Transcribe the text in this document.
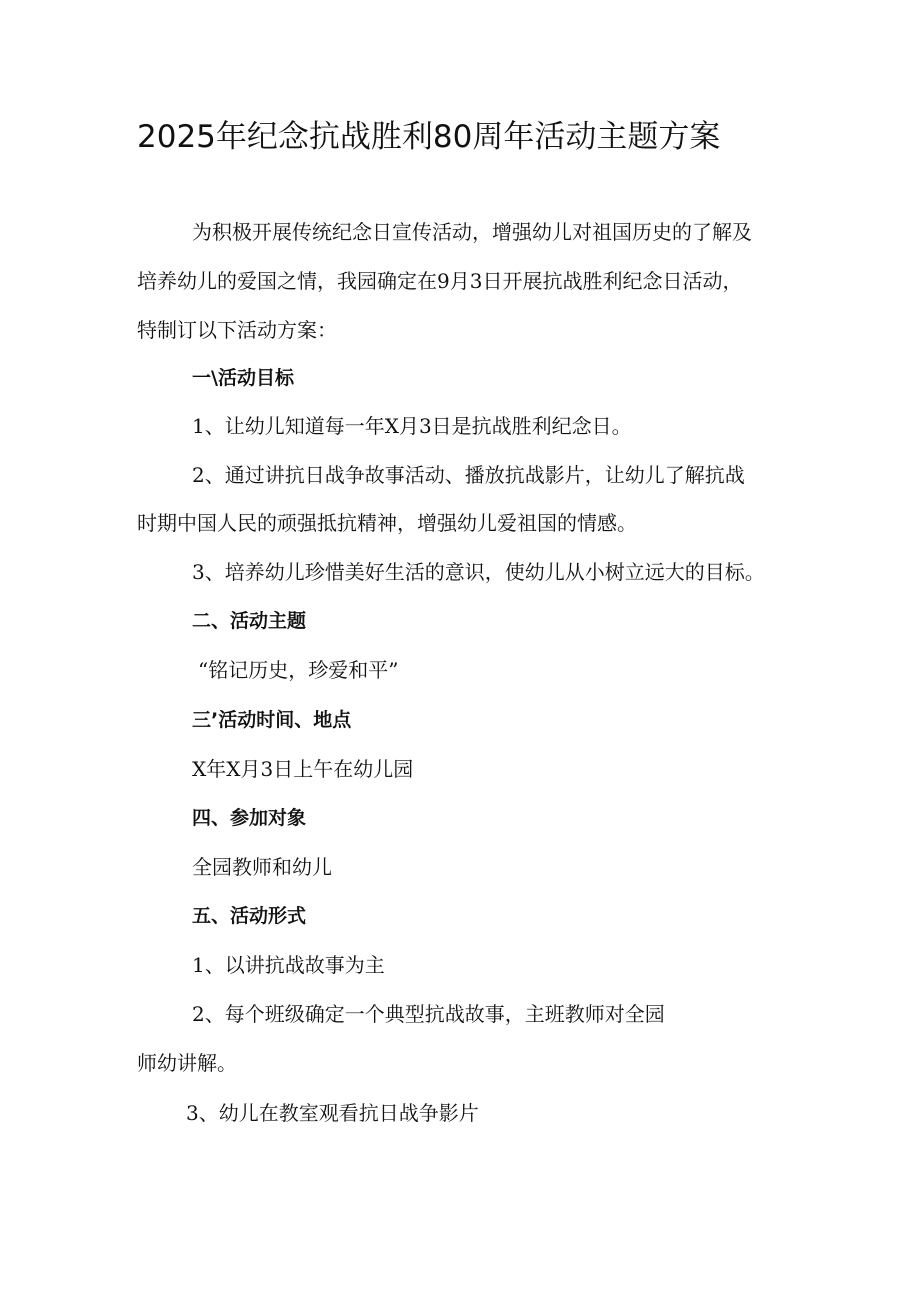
2025年纪念抗战胜利80周年活动主题方案
为积极开展传统纪念日宣传活动，增强幼儿对祖国历史的了解及
培养幼儿的爱国之情，我园确定在9月3日开展抗战胜利纪念日活动，
特制订以下活动方案：
一\活动目标
1、让幼儿知道每一年X月3日是抗战胜利纪念日。
2、通过讲抗日战争故事活动、播放抗战影片，让幼儿了解抗战
时期中国人民的顽强抵抗精神，增强幼儿爱祖国的情感。
3、培养幼儿珍惜美好生活的意识，使幼儿从小树立远大的目标。
二、活动主题
“铭记历史，珍爱和平”
三’活动时间、地点
X年X月3日上午在幼儿园
四、参加对象
全园教师和幼儿
五、活动形式
1、以讲抗战故事为主
2、每个班级确定一个典型抗战故事，主班教师对全园
师幼讲解。
3、幼儿在教室观看抗日战争影片
